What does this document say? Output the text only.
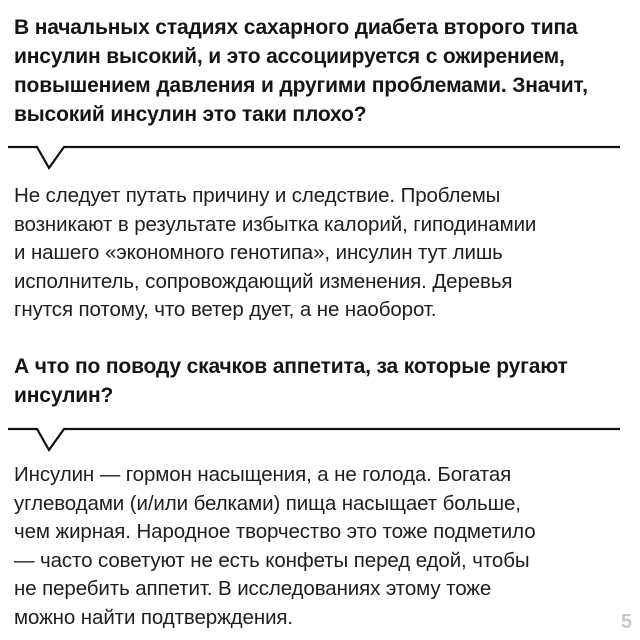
В начальных стадиях сахарного диабета второго типа
инсулин высокий, и это ассоциируется с ожирением,
повышением давления и другими проблемами. Значит,
высокий инсулин это таки плохо?
Не следует путать причину и следствие. Проблемы
возникают в результате избытка калорий, гиподинамии
и нашего «экономного генотипа», инсулин тут лишь
исполнитель, сопровождающий изменения. Деревья
гнутся потому, что ветер дует, а не наоборот.
А что по поводу скачков аппетита, за которые ругают
инсулин?
Инсулин — гормон насыщения, а не голода. Богатая
углеводами (и/или белками) пища насыщает больше,
чем жирная. Народное творчество это тоже подметило
— часто советуют не есть конфеты перед едой, чтобы
не перебить аппетит. В исследованиях этому тоже
можно найти подтверждения.	5
